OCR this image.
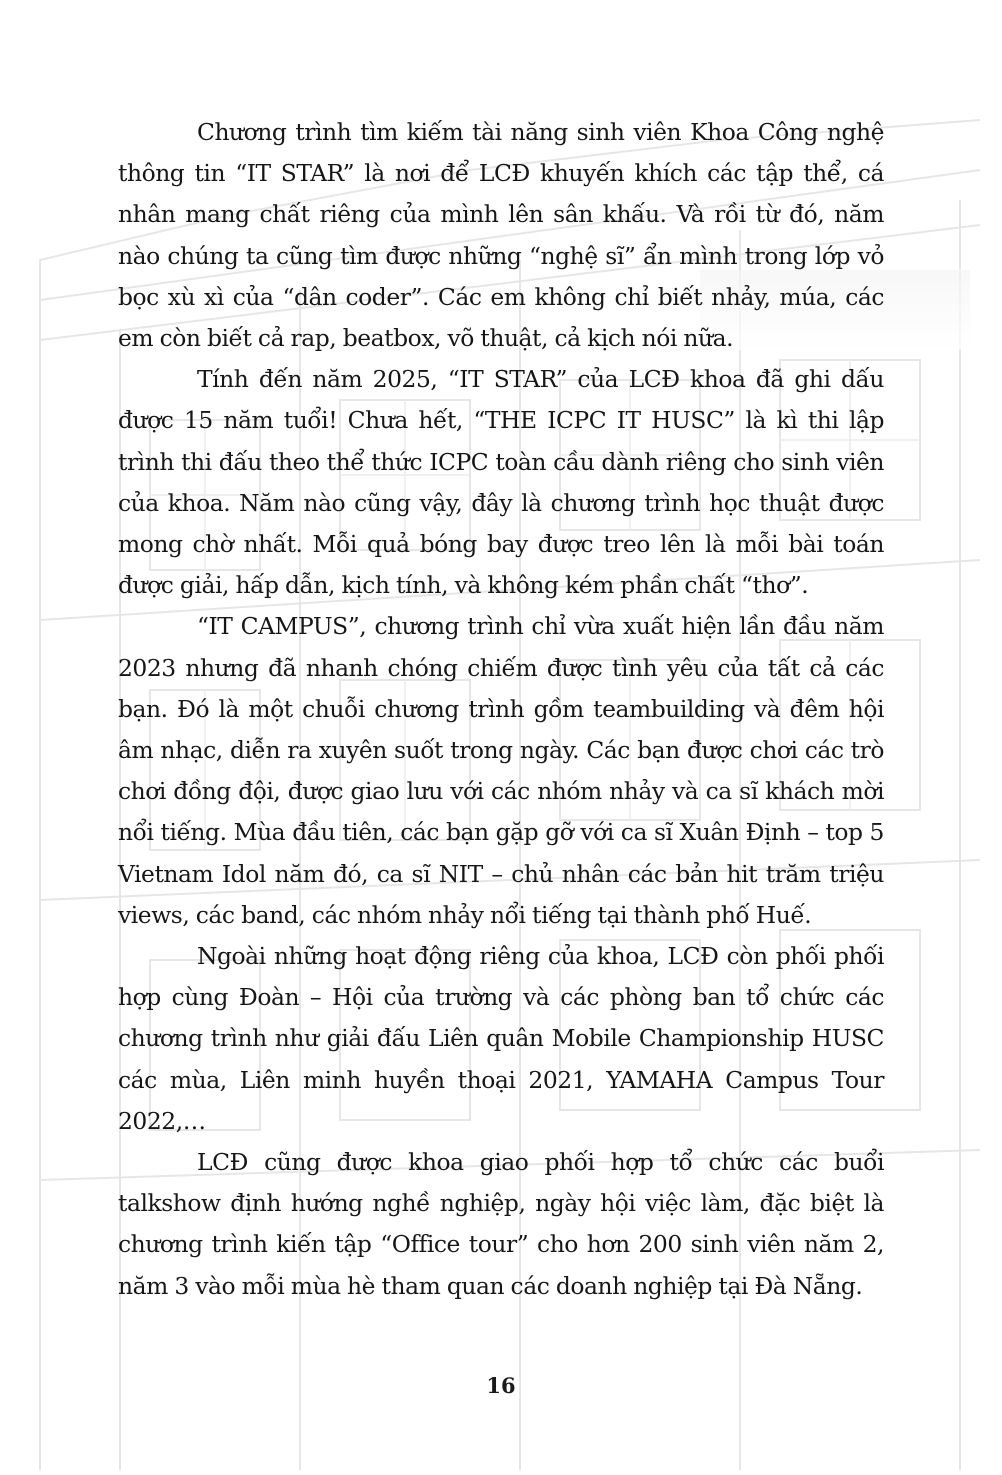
Chương trình tìm kiếm tài năng sinh viên Khoa Công nghệ thông tin “IT STAR” là nơi để LCĐ khuyến khích các tập thể, cá nhân mang chất riêng của mình lên sân khấu. Và rồi từ đó, năm nào chúng ta cũng tìm được những “nghệ sĩ” ẩn mình trong lớp vỏ bọc xù xì của “dân coder”. Các em không chỉ biết nhảy, múa, các em còn biết cả rap, beatbox, võ thuật, cả kịch nói nữa.

Tính đến năm 2025, “IT STAR” của LCĐ khoa đã ghi dấu được 15 năm tuổi! Chưa hết, “THE ICPC IT HUSC” là kì thi lập trình thi đấu theo thể thức ICPC toàn cầu dành riêng cho sinh viên của khoa. Năm nào cũng vậy, đây là chương trình học thuật được mong chờ nhất. Mỗi quả bóng bay được treo lên là mỗi bài toán được giải, hấp dẫn, kịch tính, và không kém phần chất “thơ”.

“IT CAMPUS”, chương trình chỉ vừa xuất hiện lần đầu năm 2023 nhưng đã nhanh chóng chiếm được tình yêu của tất cả các bạn. Đó là một chuỗi chương trình gồm teambuilding và đêm hội âm nhạc, diễn ra xuyên suốt trong ngày. Các bạn được chơi các trò chơi đồng đội, được giao lưu với các nhóm nhảy và ca sĩ khách mời nổi tiếng. Mùa đầu tiên, các bạn gặp gỡ với ca sĩ Xuân Định – top 5 Vietnam Idol năm đó, ca sĩ NIT – chủ nhân các bản hit trăm triệu views, các band, các nhóm nhảy nổi tiếng tại thành phố Huế.

Ngoài những hoạt động riêng của khoa, LCĐ còn phối phối hợp cùng Đoàn – Hội của trường và các phòng ban tổ chức các chương trình như giải đấu Liên quân Mobile Championship HUSC các mùa, Liên minh huyền thoại 2021, YAMAHA Campus Tour 2022,…

LCĐ cũng được khoa giao phối hợp tổ chức các buổi talkshow định hướng nghề nghiệp, ngày hội việc làm, đặc biệt là chương trình kiến tập “Office tour” cho hơn 200 sinh viên năm 2, năm 3 vào mỗi mùa hè tham quan các doanh nghiệp tại Đà Nẵng.

16
